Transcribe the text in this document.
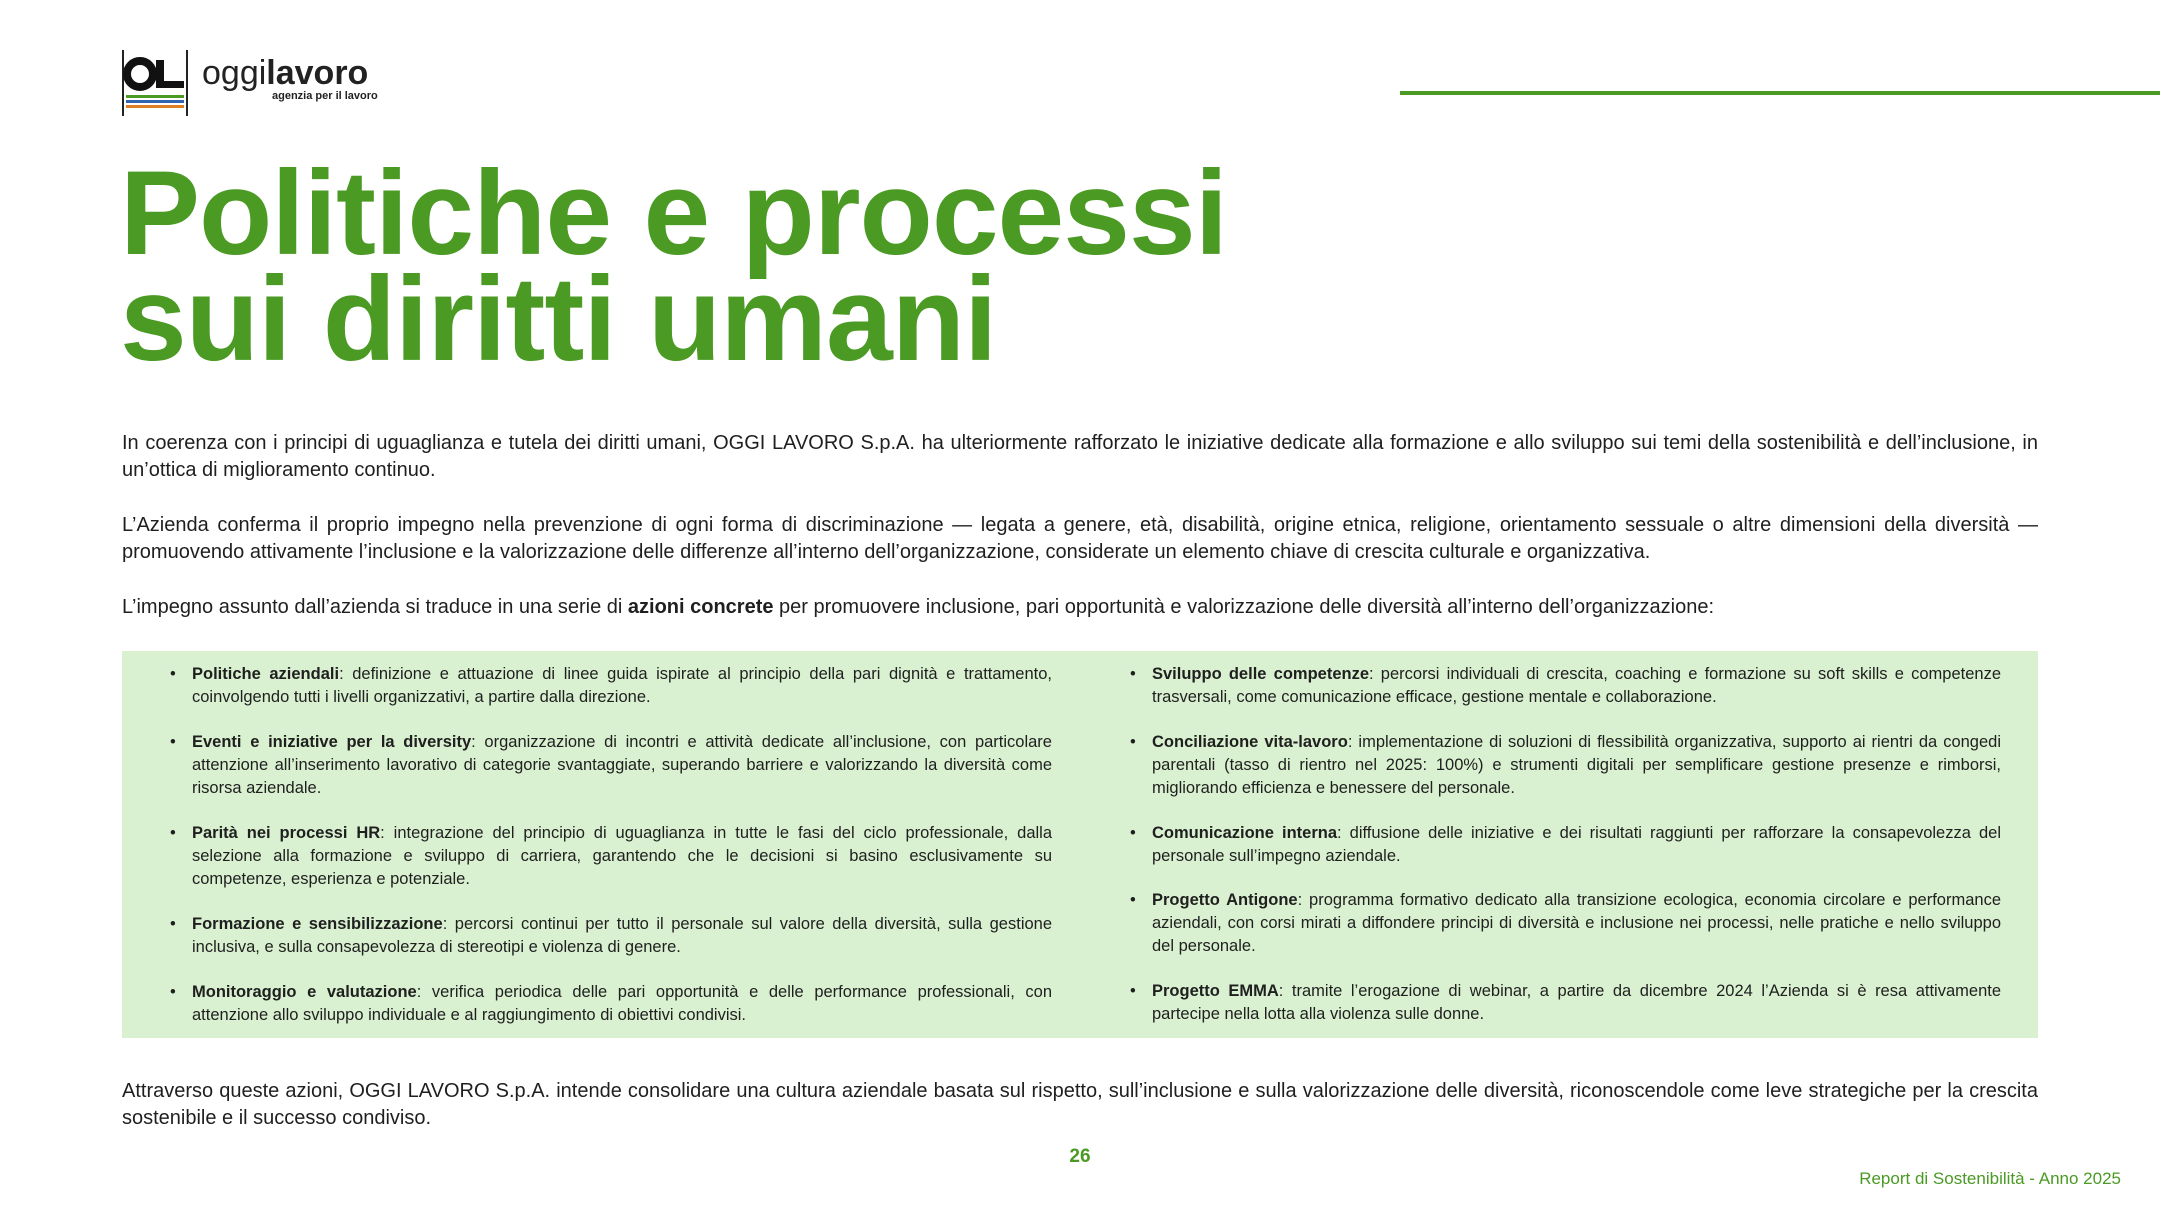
oggilavoro
agenzia per il lavoro
Politiche e processi
sui diritti umani

In coerenza con i principi di uguaglianza e tutela dei diritti umani, OGGI LAVORO S.p.A. ha ulteriormente rafforzato le iniziative dedicate alla formazione e allo sviluppo sui temi della sostenibilità e dell’inclusione, in un’ottica di miglioramento continuo.

L’Azienda conferma il proprio impegno nella prevenzione di ogni forma di discriminazione — legata a genere, età, disabilità, origine etnica, religione, orientamento sessuale o altre dimensioni della diversità — promuovendo attivamente l’inclusione e la valorizzazione delle differenze all’interno dell’organizzazione, considerate un elemento chiave di crescita culturale e organizzativa.

L’impegno assunto dall’azienda si traduce in una serie di azioni concrete per promuovere inclusione, pari opportunità e valorizzazione delle diversità all’interno dell’organizzazione:

• Politiche aziendali: definizione e attuazione di linee guida ispirate al principio della pari dignità e trattamento, coinvolgendo tutti i livelli organizzativi, a partire dalla direzione.
• Eventi e iniziative per la diversity: organizzazione di incontri e attività dedicate all’inclusione, con particolare attenzione all’inserimento lavorativo di categorie svantaggiate, superando barriere e valorizzando la diversità come risorsa aziendale.
• Parità nei processi HR: integrazione del principio di uguaglianza in tutte le fasi del ciclo professionale, dalla selezione alla formazione e sviluppo di carriera, garantendo che le decisioni si basino esclusivamente su competenze, esperienza e potenziale.
• Formazione e sensibilizzazione: percorsi continui per tutto il personale sul valore della diversità, sulla gestione inclusiva, e sulla consapevolezza di stereotipi e violenza di genere.
• Monitoraggio e valutazione: verifica periodica delle pari opportunità e delle performance professionali, con attenzione allo sviluppo individuale e al raggiungimento di obiettivi condivisi.
• Sviluppo delle competenze: percorsi individuali di crescita, coaching e formazione su soft skills e competenze trasversali, come comunicazione efficace, gestione mentale e collaborazione.
• Conciliazione vita-lavoro: implementazione di soluzioni di flessibilità organizzativa, supporto ai rientri da congedi parentali (tasso di rientro nel 2025: 100%) e strumenti digitali per semplificare gestione presenze e rimborsi, migliorando efficienza e benessere del personale.
• Comunicazione interna: diffusione delle iniziative e dei risultati raggiunti per rafforzare la consapevolezza del personale sull’impegno aziendale.
• Progetto Antigone: programma formativo dedicato alla transizione ecologica, economia circolare e performance aziendali, con corsi mirati a diffondere principi di diversità e inclusione nei processi, nelle pratiche e nello sviluppo del personale.
• Progetto EMMA: tramite l’erogazione di webinar, a partire da dicembre 2024 l’Azienda si è resa attivamente partecipe nella lotta alla violenza sulle donne.

Attraverso queste azioni, OGGI LAVORO S.p.A. intende consolidare una cultura aziendale basata sul rispetto, sull’inclusione e sulla valorizzazione delle diversità, riconoscendole come leve strategiche per la crescita sostenibile e il successo condiviso.

26
Report di Sostenibilità - Anno 2025
